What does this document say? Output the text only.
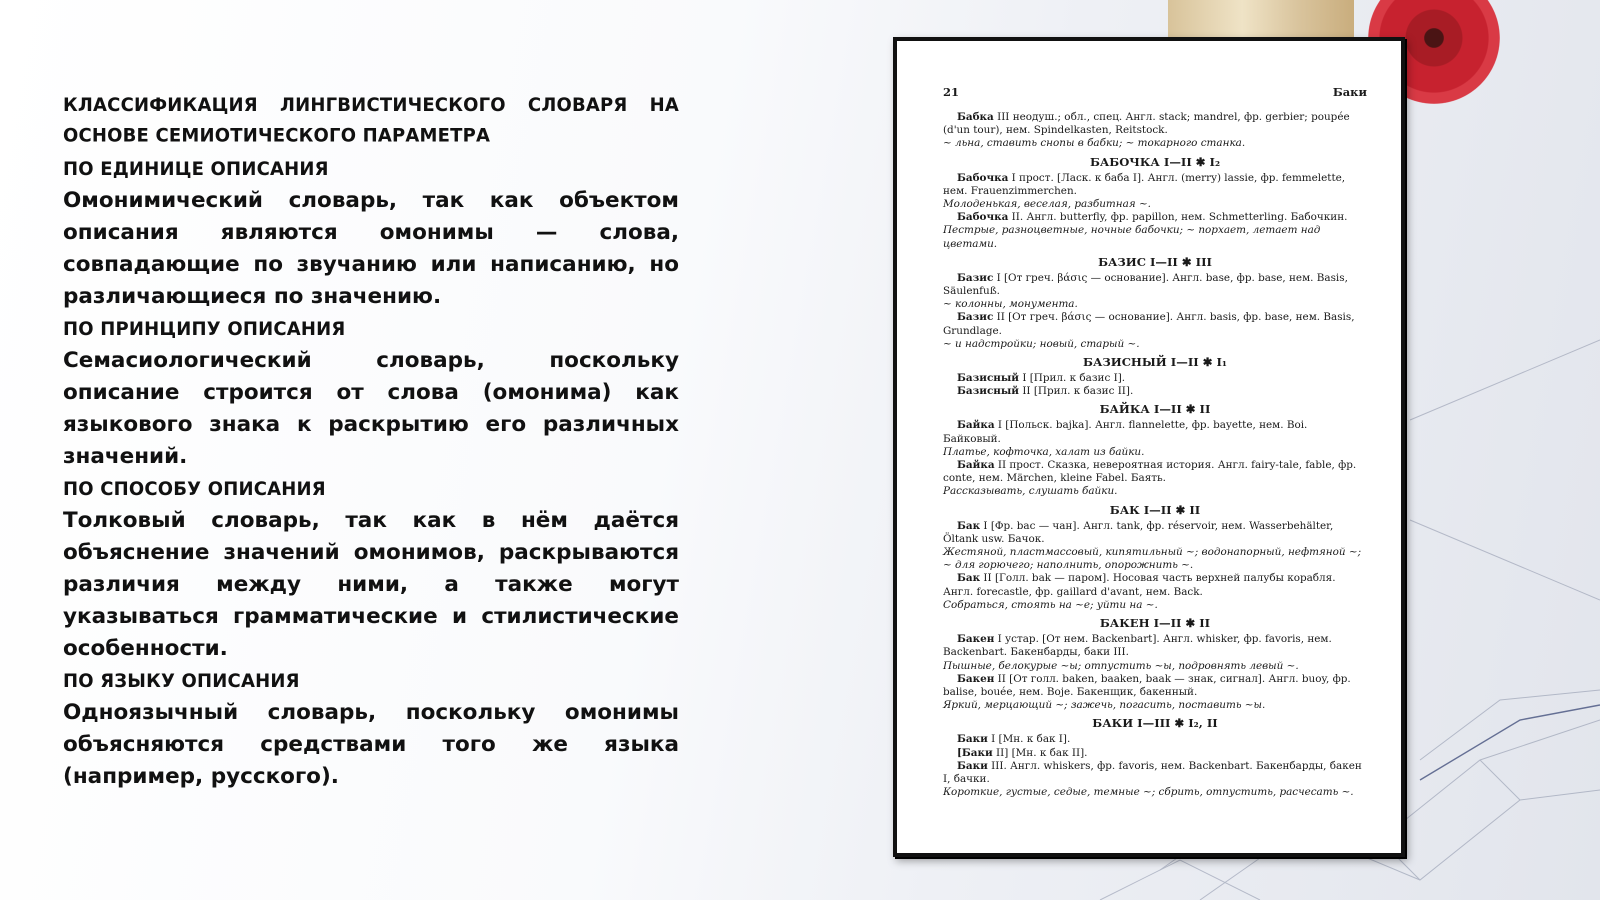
КЛАССИФИКАЦИЯ ЛИНГВИСТИЧЕСКОГО СЛОВАРЯ НА ОСНОВЕ СЕМИОТИЧЕСКОГО ПАРАМЕТРА
ПО ЕДИНИЦЕ ОПИСАНИЯ

Омонимический словарь, так как объектом описания являются омонимы — слова, совпадающие по звучанию или написанию, но различающиеся по значению.

ПО ПРИНЦИПУ ОПИСАНИЯ

Семасиологический словарь, поскольку описание строится от слова (омонима) как языкового знака к раскрытию его различных значений.

ПО СПОСОБУ ОПИСАНИЯ

Толковый словарь, так как в нём даётся объяснение значений омонимов, раскрываются различия между ними, а также могут указываться грамматические и стилистические особенности.

ПО ЯЗЫКУ ОПИСАНИЯ

Одноязычный словарь, поскольку омонимы объясняются средствами того же языка (например, русского).

21	Баки

Бабка III неодуш.; обл., спец. Англ. stack; mandrel, фр. gerbier; poupée (d'un tour), нем. Spindelkasten, Reitstock.

~ льна, ставить снопы в бабки; ~ токарного станка.

БАБОЧКА I—II ✱ I₂

Бабочка I прост. [Ласк. к баба I]. Англ. (merry) lassie, фр. femmelette, нем. Frauenzimmerchen.

Молоденькая, веселая, разбитная ~.

Бабочка II. Англ. butterfly, фр. papillon, нем. Schmetterling. Бабочкин.

Пестрые, разноцветные, ночные бабочки; ~ порхает, летает над цветами.

БАЗИС I—II ✱ III

Базис I [От греч. βάσις — основание]. Англ. base, фр. base, нем. Basis, Säulenfuß.

~ колонны, монумента.

Базис II [От греч. βάσις — основание]. Англ. basis, фр. base, нем. Basis, Grundlage.

~ и надстройки; новый, старый ~.

БАЗИСНЫЙ I—II ✱ I₁

Базисный I [Прил. к базис I].

Базисный II [Прил. к базис II].

БАЙКА I—II ✱ II

Байка I [Польск. bajka]. Англ. flannelette, фр. bayette, нем. Boi. Байковый.

Платье, кофточка, халат из байки.

Байка II прост. Сказка, невероятная история. Англ. fairy-tale, fable, фр. conte, нем. Märchen, kleine Fabel. Баять.

Рассказывать, слушать байки.

БАК I—II ✱ II

Бак I [Фр. bac — чан]. Англ. tank, фр. réservoir, нем. Wasserbehälter, Öltank usw. Бачок.

Жестяной, пластмассовый, кипятильный ~; водонапорный, нефтяной ~; ~ для горючего; наполнить, опорожнить ~.

Бак II [Голл. bak — паром]. Носовая часть верхней палубы корабля. Англ. forecastle, фр. gaillard d'avant, нем. Back.

Собраться, стоять на ~е; уйти на ~.

БАКЕН I—II ✱ II

Бакен I устар. [От нем. Backenbart]. Англ. whisker, фр. favoris, нем. Backenbart. Бакенбарды, баки III.

Пышные, белокурые ~ы; отпустить ~ы, подровнять левый ~.

Бакен II [От голл. baken, baaken, baak — знак, сигнал]. Англ. buoy, фр. balise, bouée, нем. Boje. Бакенщик, бакенный.

Яркий, мерцающий ~; зажечь, погасить, поставить ~ы.

БАКИ I—III ✱ I₂, II

Баки I [Мн. к бак I].

[Баки II] [Мн. к бак II].

Баки III. Англ. whiskers, фр. favoris, нем. Backenbart. Бакенбарды, бакен I, бачки.

Короткие, густые, седые, темные ~; сбрить, отпустить, расчесать ~.
